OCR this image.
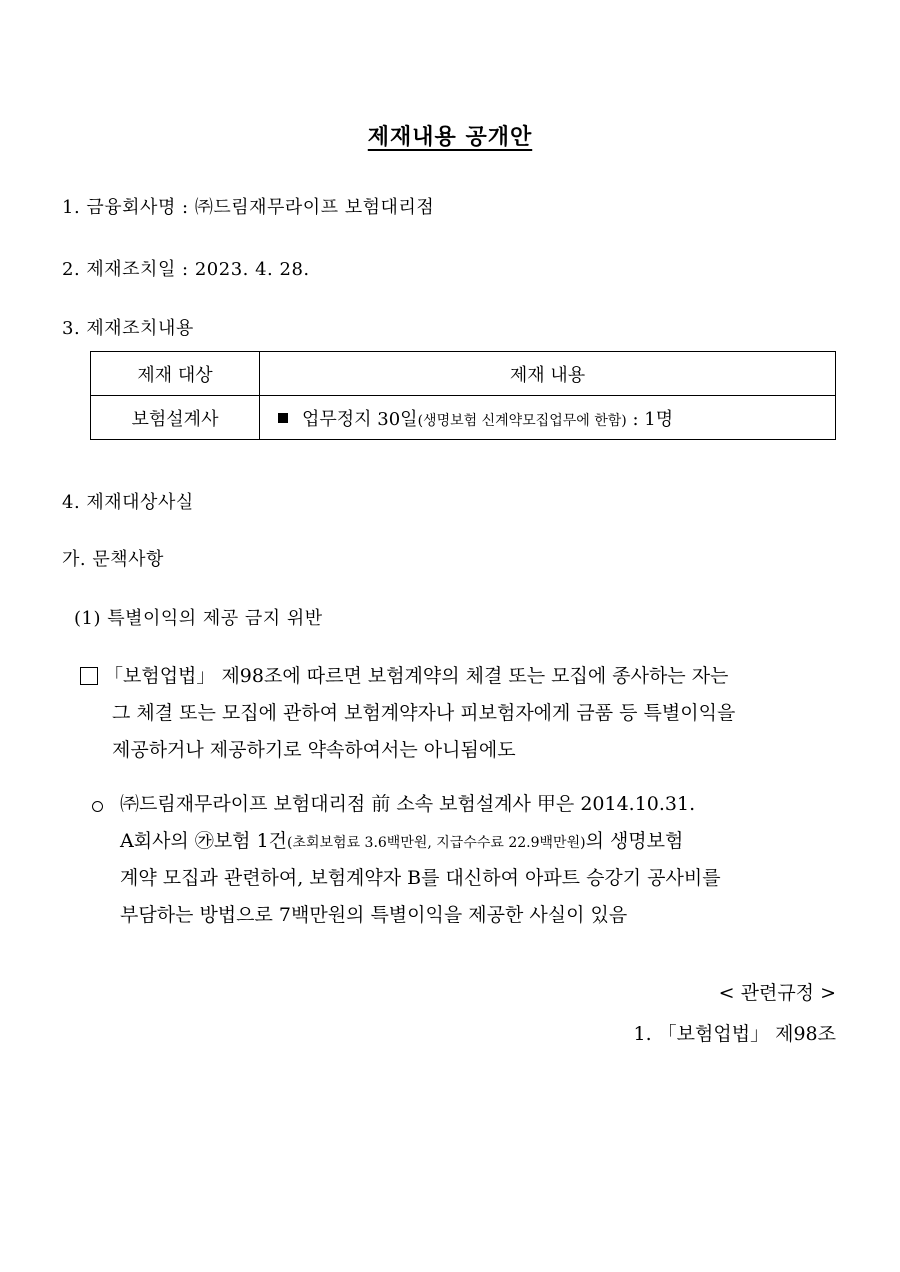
제재내용 공개안
1. 금융회사명 : ㈜드림재무라이프 보험대리점
2. 제재조치일 : 2023. 4. 28.
3. 제재조치내용
제재 대상	제재 내용
보험설계사	업무정지 30일(생명보험 신계약모집업무에 한함) : 1명
4. 제재대상사실
가. 문책사항
(1) 특별이익의 제공 금지 위반
「보험업법」 제98조에 따르면 보험계약의 체결 또는 모집에 종사하는 자는
그 체결 또는 모집에 관하여 보험계약자나 피보험자에게 금품 등 특별이익을
제공하거나 제공하기로 약속하여서는 아니됨에도
㈜드림재무라이프 보험대리점 前 소속 보험설계사 甲은 2014.10.31.
A회사의 ㉮보험 1건(초회보험료 3.6백만원, 지급수수료 22.9백만원)의 생명보험
계약 모집과 관련하여, 보험계약자 B를 대신하여 아파트 승강기 공사비를
부담하는 방법으로 7백만원의 특별이익을 제공한 사실이 있음
< 관련규정 >
1. 「보험업법」 제98조
